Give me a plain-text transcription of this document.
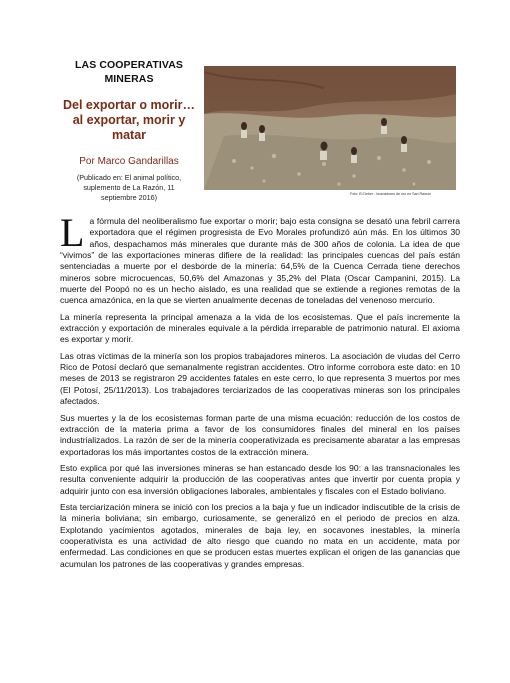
LAS COOPERATIVAS
MINERAS
Del exportar o morir…
al exportar, morir y
matar
Por Marco Gandarillas
(Publicado en: El animal político,
suplemento de La Razón, 11
septiembre 2016)	Foto: El Deber - buscadores de oro en San Ramón

La fórmula del neoliberalismo fue exportar o morir; bajo esta consigna se desató una febril carrera exportadora que el régimen progresista de Evo Morales profundizó aún más. En los últimos 30 años, despachamos más minerales que durante más de 300 años de colonia. La idea de que “vivimos” de las exportaciones mineras difiere de la realidad: las principales cuencas del país están sentenciadas a muerte por el desborde de la minería: 64,5% de la Cuenca Cerrada tiene derechos mineros sobre microcuencas, 50,6% del Amazonas y 35,2% del Plata (Oscar Campanini, 2015). La muerte del Poopó no es un hecho aislado, es una realidad que se extiende a regiones remotas de la cuenca amazónica, en la que se vierten anualmente decenas de toneladas del venenoso mercurio.

La minería representa la principal amenaza a la vida de los ecosistemas. Que el país incremente la extracción y exportación de minerales equivale a la pérdida irreparable de patrimonio natural. El axioma es exportar y morir.

Las otras víctimas de la minería son los propios trabajadores mineros. La asociación de viudas del Cerro Rico de Potosí declaró que semanalmente registran accidentes. Otro informe corrobora este dato: en 10 meses de 2013 se registraron 29 accidentes fatales en este cerro, lo que representa 3 muertos por mes (El Potosí, 25/11/2013). Los trabajadores terciarizados de las cooperativas mineras son los principales afectados.

Sus muertes y la de los ecosistemas forman parte de una misma ecuación: reducción de los costos de extracción de la materia prima a favor de los consumidores finales del mineral en los países industrializados. La razón de ser de la minería cooperativizada es precisamente abaratar a las empresas exportadoras los más importantes costos de la extracción minera.

Esto explica por qué las inversiones mineras se han estancado desde los 90: a las transnacionales les resulta conveniente adquirir la producción de las cooperativas antes que invertir por cuenta propia y adquirir junto con esa inversión obligaciones laborales, ambientales y fiscales con el Estado boliviano.

Esta terciarización minera se inició con los precios a la baja y fue un indicador indiscutible de la crisis de la minería boliviana; sin embargo, curiosamente, se generalizó en el periodo de precios en alza. Explotando yacimientos agotados, minerales de baja ley, en socavones inestables, la minería cooperativista es una actividad de alto riesgo que cuando no mata en un accidente, mata por enfermedad. Las condiciones en que se producen estas muertes explican el origen de las ganancias que acumulan los patrones de las cooperativas y grandes empresas.
